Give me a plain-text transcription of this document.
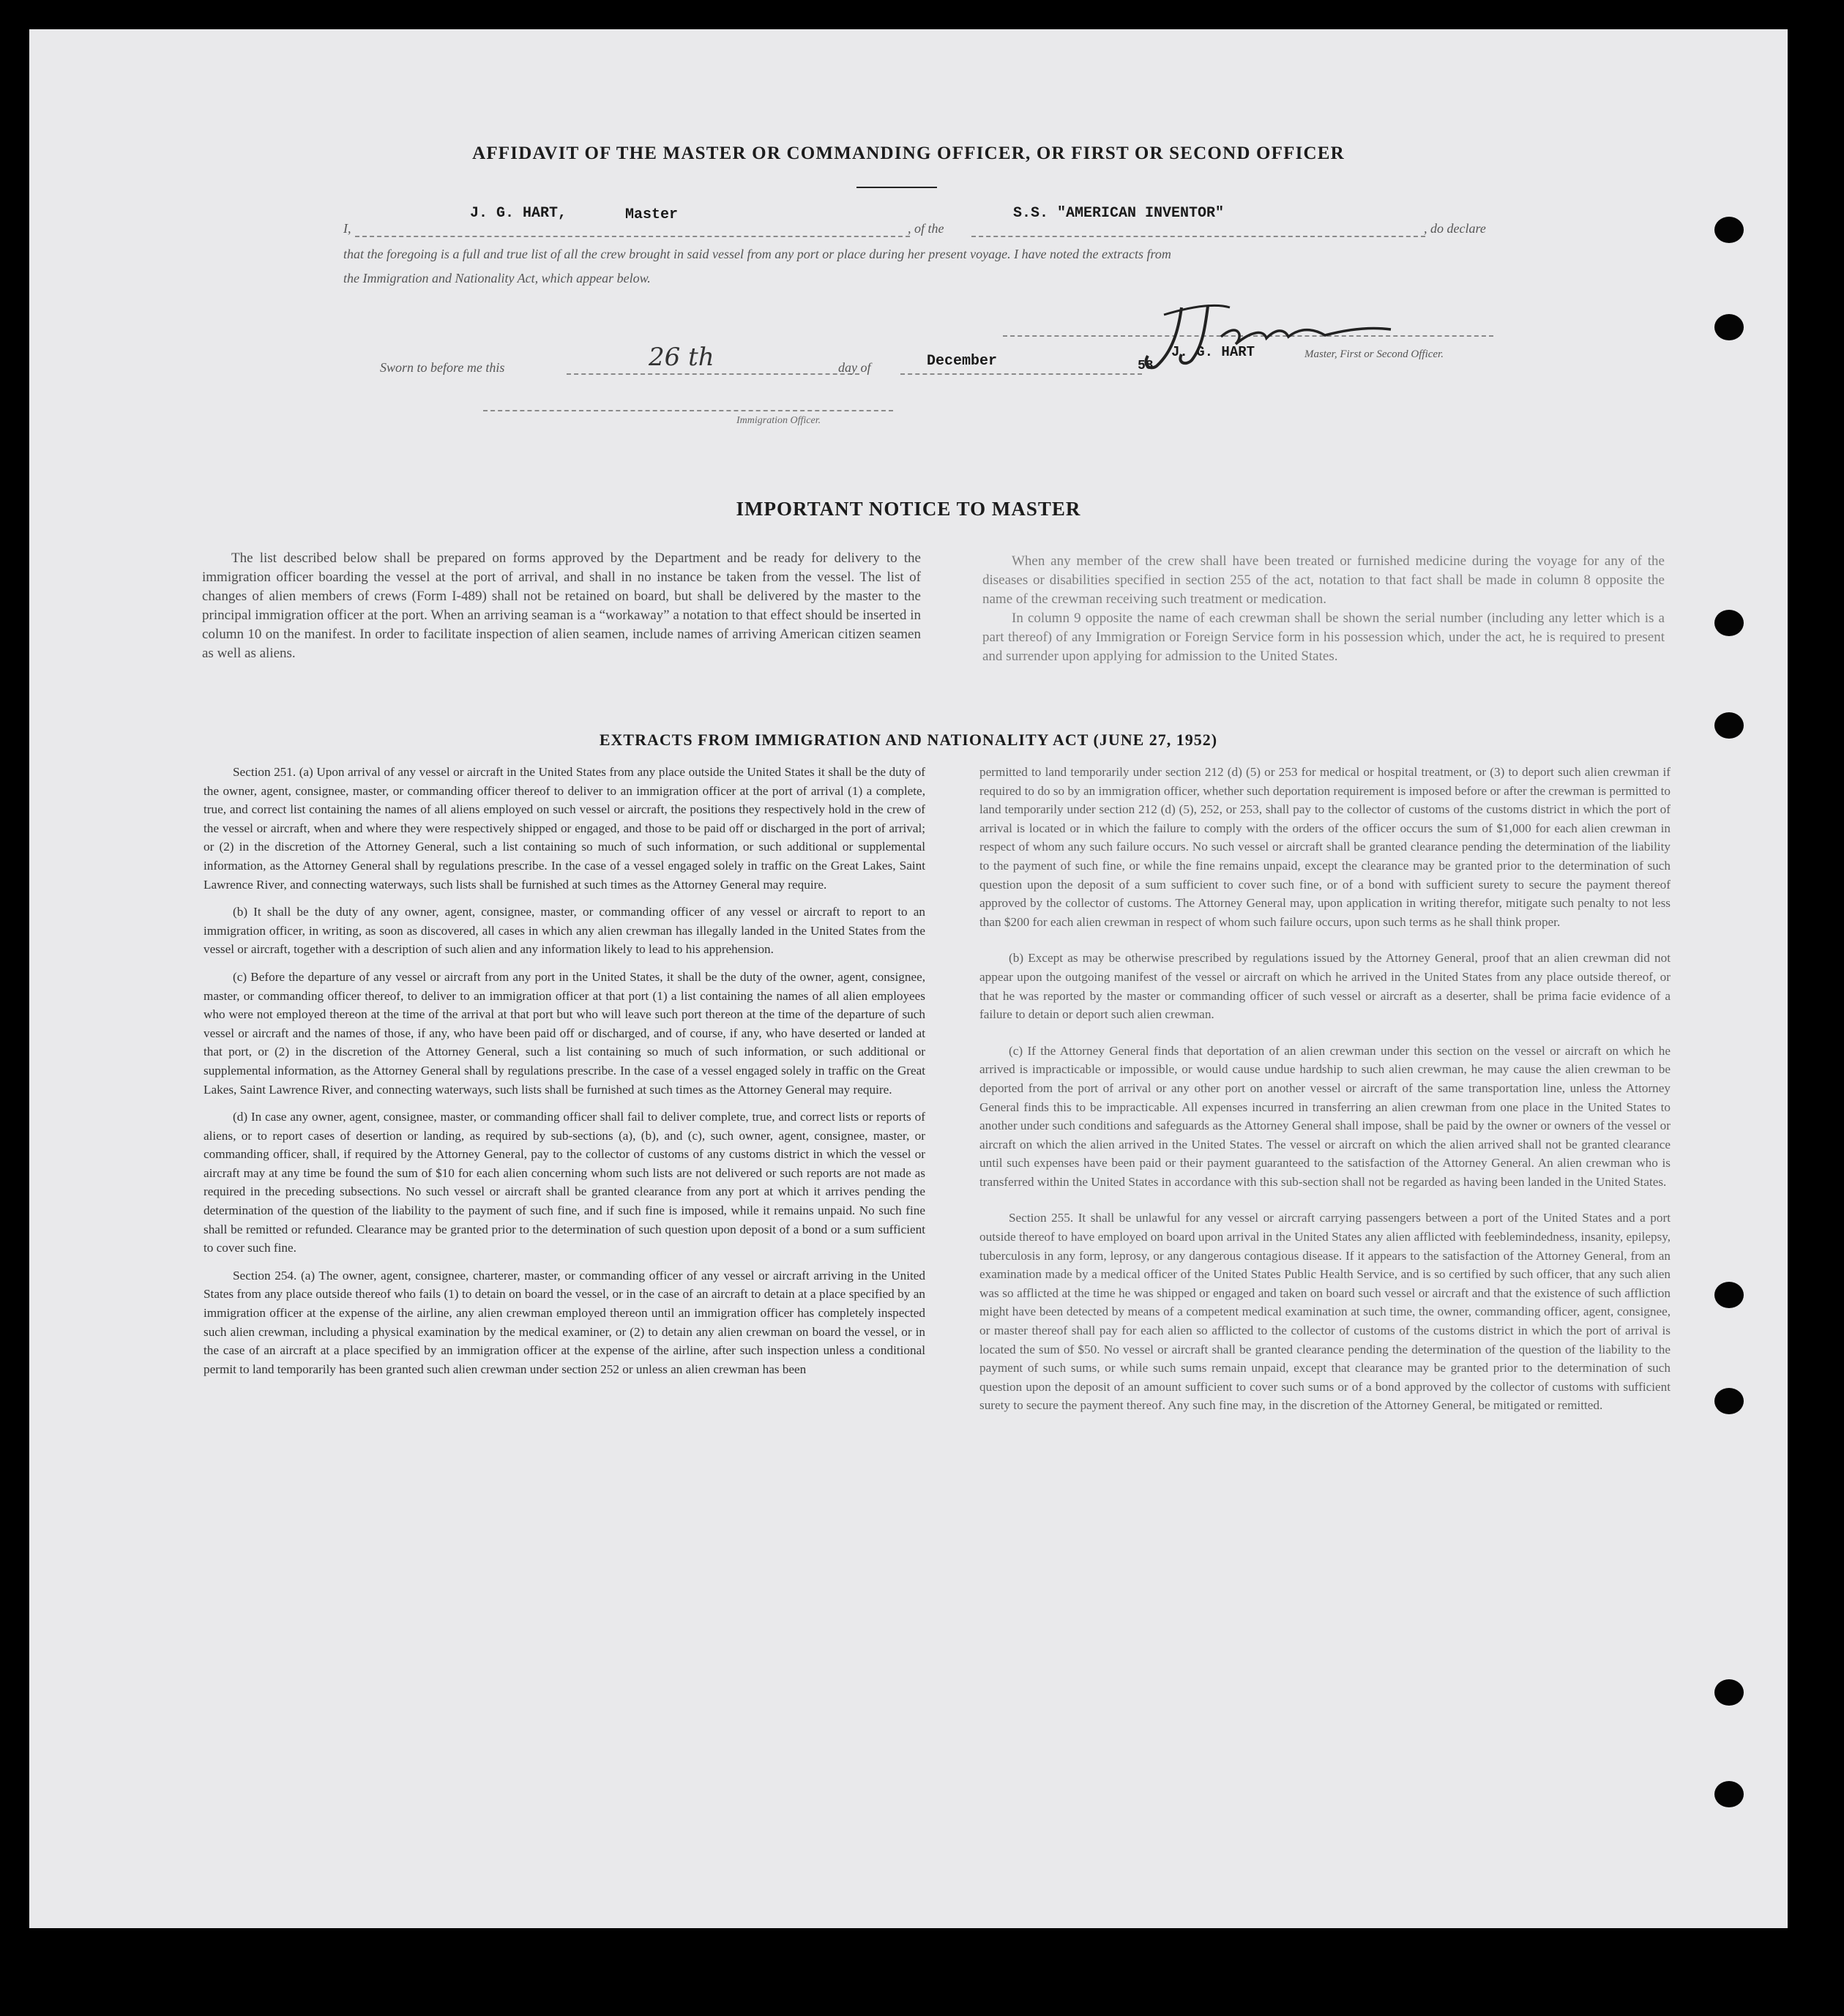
AFFIDAVIT OF THE MASTER OR COMMANDING OFFICER, OR FIRST OR SECOND OFFICER
I,
J. G. HART,	Master
, of the
S.S. "AMERICAN INVENTOR"
, do declare
that the foregoing is a full and true list of all the crew brought in said vessel from any port or place during her present voyage. I have noted the extracts from
the Immigration and Nationality Act, which appear below.
Sworn to before me this	26 th	day of	December	58
J. G. HART	Master, First or Second Officer.
Immigration Officer.
IMPORTANT NOTICE TO MASTER

The list described below shall be prepared on forms approved by the Department and be ready for delivery to the immigration officer boarding the vessel at the port of arrival, and shall in no instance be taken from the vessel. The list of changes of alien members of crews (Form I-489) shall not be retained on board, but shall be delivered by the master to the principal immigration officer at the port. When an arriving seaman is a “workaway” a notation to that effect should be inserted in column 10 on the manifest. In order to facilitate inspection of alien seamen, include names of arriving American citizen seamen as well as aliens.

When any member of the crew shall have been treated or furnished medicine during the voyage for any of the diseases or disabilities specified in section 255 of the act, notation to that fact shall be made in column 8 opposite the name of the crewman receiving such treatment or medication.

In column 9 opposite the name of each crewman shall be shown the serial number (including any letter which is a part thereof) of any Immigration or Foreign Service form in his possession which, under the act, he is required to present and surrender upon applying for admission to the United States.

EXTRACTS FROM IMMIGRATION AND NATIONALITY ACT (JUNE 27, 1952)

Section 251. (a) Upon arrival of any vessel or aircraft in the United States from any place outside the United States it shall be the duty of the owner, agent, consignee, master, or commanding officer thereof to deliver to an immigration officer at the port of arrival (1) a complete, true, and correct list containing the names of all aliens employed on such vessel or aircraft, the positions they respectively hold in the crew of the vessel or aircraft, when and where they were respectively shipped or engaged, and those to be paid off or discharged in the port of arrival; or (2) in the discretion of the Attorney General, such a list containing so much of such information, or such additional or supplemental information, as the Attorney General shall by regulations prescribe. In the case of a vessel engaged solely in traffic on the Great Lakes, Saint Lawrence River, and connecting waterways, such lists shall be furnished at such times as the Attorney General may require.

(b) It shall be the duty of any owner, agent, consignee, master, or commanding officer of any vessel or aircraft to report to an immigration officer, in writing, as soon as discovered, all cases in which any alien crewman has illegally landed in the United States from the vessel or aircraft, together with a description of such alien and any information likely to lead to his apprehension.

(c) Before the departure of any vessel or aircraft from any port in the United States, it shall be the duty of the owner, agent, consignee, master, or commanding officer thereof, to deliver to an immigration officer at that port (1) a list containing the names of all alien employees who were not employed thereon at the time of the arrival at that port but who will leave such port thereon at the time of the departure of such vessel or aircraft and the names of those, if any, who have been paid off or discharged, and of course, if any, who have deserted or landed at that port, or (2) in the discretion of the Attorney General, such a list containing so much of such information, or such additional or supplemental information, as the Attorney General shall by regulations prescribe. In the case of a vessel engaged solely in traffic on the Great Lakes, Saint Lawrence River, and connecting waterways, such lists shall be furnished at such times as the Attorney General may require.

(d) In case any owner, agent, consignee, master, or commanding officer shall fail to deliver complete, true, and correct lists or reports of aliens, or to report cases of desertion or landing, as required by sub-sections (a), (b), and (c), such owner, agent, consignee, master, or commanding officer, shall, if required by the Attorney General, pay to the collector of customs of any customs district in which the vessel or aircraft may at any time be found the sum of $10 for each alien concerning whom such lists are not delivered or such reports are not made as required in the preceding subsections. No such vessel or aircraft shall be granted clearance from any port at which it arrives pending the determination of the question of the liability to the payment of such fine, and if such fine is imposed, while it remains unpaid. No such fine shall be remitted or refunded. Clearance may be granted prior to the determination of such question upon deposit of a bond or a sum sufficient to cover such fine.

Section 254. (a) The owner, agent, consignee, charterer, master, or commanding officer of any vessel or aircraft arriving in the United States from any place outside thereof who fails (1) to detain on board the vessel, or in the case of an aircraft to detain at a place specified by an immigration officer at the expense of the airline, any alien crewman employed thereon until an immigration officer has completely inspected such alien crewman, including a physical examination by the medical examiner, or (2) to detain any alien crewman on board the vessel, or in the case of an aircraft at a place specified by an immigration officer at the expense of the airline, after such inspection unless a conditional permit to land temporarily has been granted such alien crewman under section 252 or unless an alien crewman has been

permitted to land temporarily under section 212 (d) (5) or 253 for medical or hospital treatment, or (3) to deport such alien crewman if required to do so by an immigration officer, whether such deportation requirement is imposed before or after the crewman is permitted to land temporarily under section 212 (d) (5), 252, or 253, shall pay to the collector of customs of the customs district in which the port of arrival is located or in which the failure to comply with the orders of the officer occurs the sum of $1,000 for each alien crewman in respect of whom any such failure occurs. No such vessel or aircraft shall be granted clearance pending the determination of the liability to the payment of such fine, or while the fine remains unpaid, except the clearance may be granted prior to the determination of such question upon the deposit of a sum sufficient to cover such fine, or of a bond with sufficient surety to secure the payment thereof approved by the collector of customs. The Attorney General may, upon application in writing therefor, mitigate such penalty to not less than $200 for each alien crewman in respect of whom such failure occurs, upon such terms as he shall think proper.

(b) Except as may be otherwise prescribed by regulations issued by the Attorney General, proof that an alien crewman did not appear upon the outgoing manifest of the vessel or aircraft on which he arrived in the United States from any place outside thereof, or that he was reported by the master or commanding officer of such vessel or aircraft as a deserter, shall be prima facie evidence of a failure to detain or deport such alien crewman.

(c) If the Attorney General finds that deportation of an alien crewman under this section on the vessel or aircraft on which he arrived is impracticable or impossible, or would cause undue hardship to such alien crewman, he may cause the alien crewman to be deported from the port of arrival or any other port on another vessel or aircraft of the same transportation line, unless the Attorney General finds this to be impracticable. All expenses incurred in transferring an alien crewman from one place in the United States to another under such conditions and safeguards as the Attorney General shall impose, shall be paid by the owner or owners of the vessel or aircraft on which the alien arrived in the United States. The vessel or aircraft on which the alien arrived shall not be granted clearance until such expenses have been paid or their payment guaranteed to the satisfaction of the Attorney General. An alien crewman who is transferred within the United States in accordance with this sub-section shall not be regarded as having been landed in the United States.

Section 255. It shall be unlawful for any vessel or aircraft carrying passengers between a port of the United States and a port outside thereof to have employed on board upon arrival in the United States any alien afflicted with feeblemindedness, insanity, epilepsy, tuberculosis in any form, leprosy, or any dangerous contagious disease. If it appears to the satisfaction of the Attorney General, from an examination made by a medical officer of the United States Public Health Service, and is so certified by such officer, that any such alien was so afflicted at the time he was shipped or engaged and taken on board such vessel or aircraft and that the existence of such affliction might have been detected by means of a competent medical examination at such time, the owner, commanding officer, agent, consignee, or master thereof shall pay for each alien so afflicted to the collector of customs of the customs district in which the port of arrival is located the sum of $50. No vessel or aircraft shall be granted clearance pending the determination of the question of the liability to the payment of such sums, or while such sums remain unpaid, except that clearance may be granted prior to the determination of such question upon the deposit of an amount sufficient to cover such sums or of a bond approved by the collector of customs with sufficient surety to secure the payment thereof. Any such fine may, in the discretion of the Attorney General, be mitigated or remitted.
